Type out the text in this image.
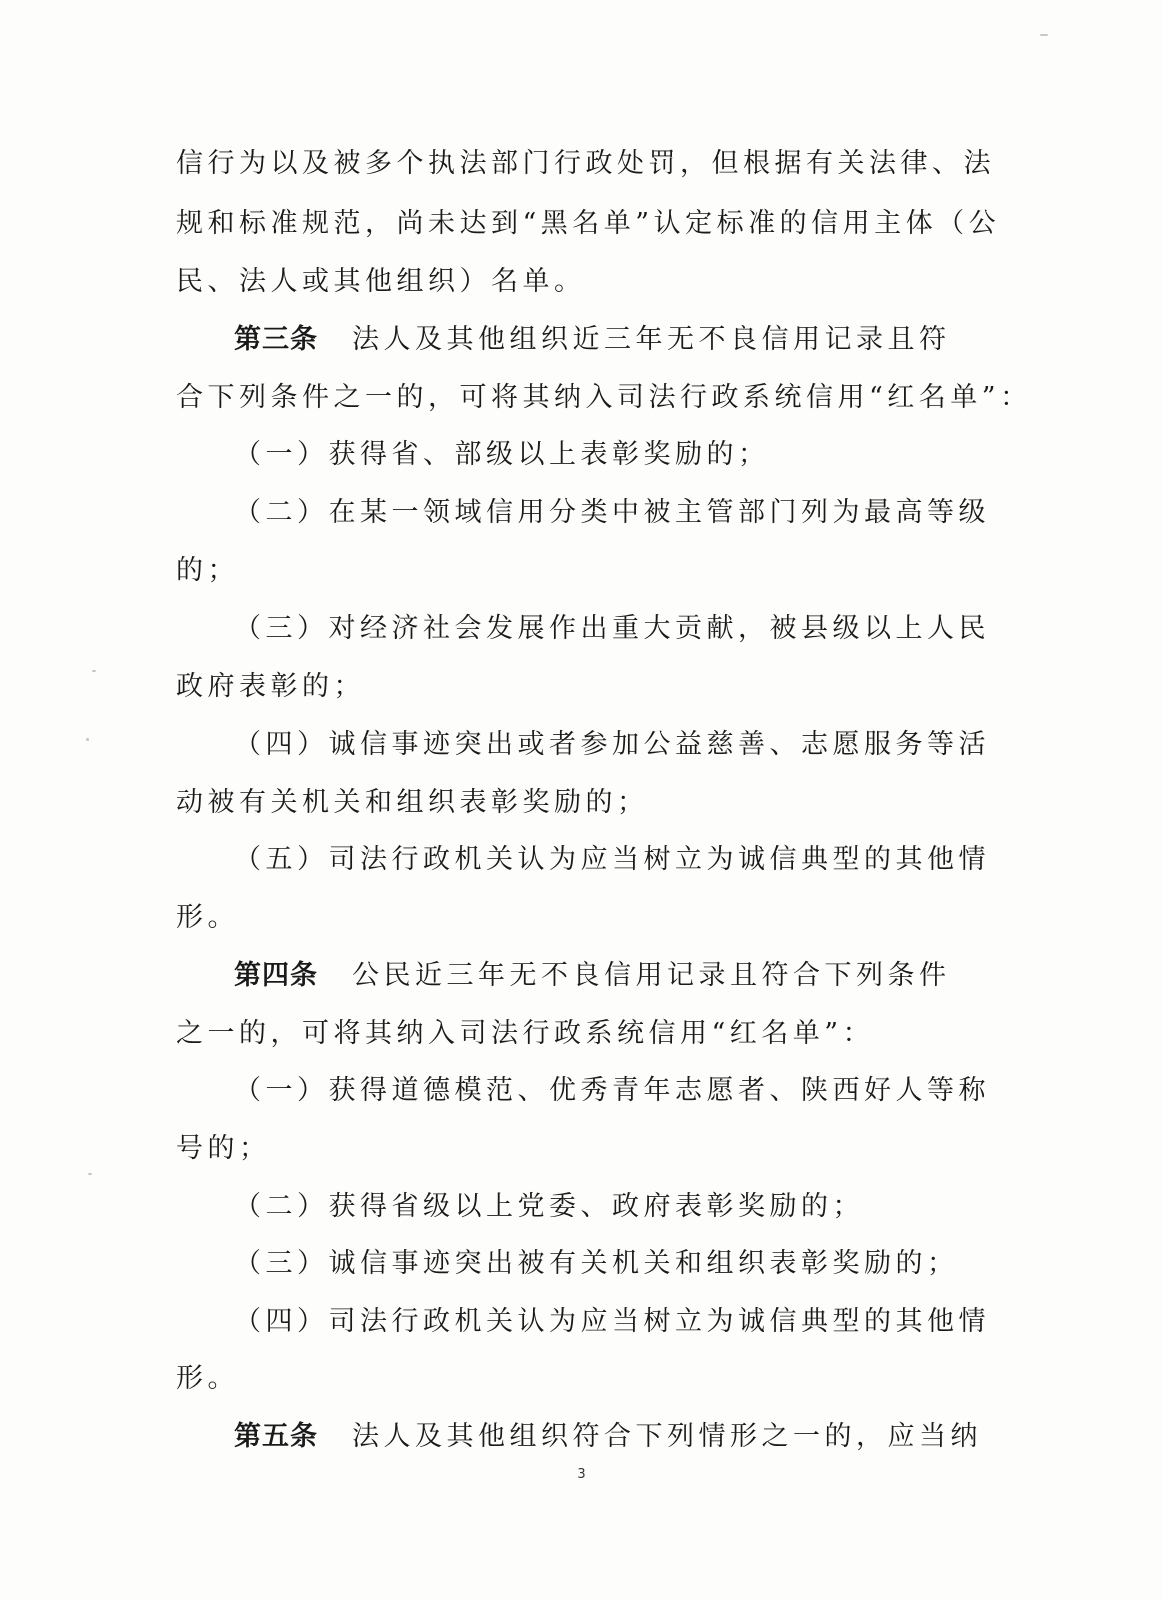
信行为以及被多个执法部门行政处罚，但根据有关法律、法
规和标准规范，尚未达到“黑名单”认定标准的信用主体（公
民、法人或其他组织）名单。
第三条 法人及其他组织近三年无不良信用记录且符
合下列条件之一的，可将其纳入司法行政系统信用“红名单”：
（一）获得省、部级以上表彰奖励的；
（二）在某一领域信用分类中被主管部门列为最高等级
的；
（三）对经济社会发展作出重大贡献，被县级以上人民
政府表彰的；
（四）诚信事迹突出或者参加公益慈善、志愿服务等活
动被有关机关和组织表彰奖励的；
（五）司法行政机关认为应当树立为诚信典型的其他情
形。
第四条 公民近三年无不良信用记录且符合下列条件
之一的，可将其纳入司法行政系统信用“红名单”：
（一）获得道德模范、优秀青年志愿者、陕西好人等称
号的；
（二）获得省级以上党委、政府表彰奖励的；
（三）诚信事迹突出被有关机关和组织表彰奖励的；
（四）司法行政机关认为应当树立为诚信典型的其他情
形。
第五条 法人及其他组织符合下列情形之一的，应当纳
3
